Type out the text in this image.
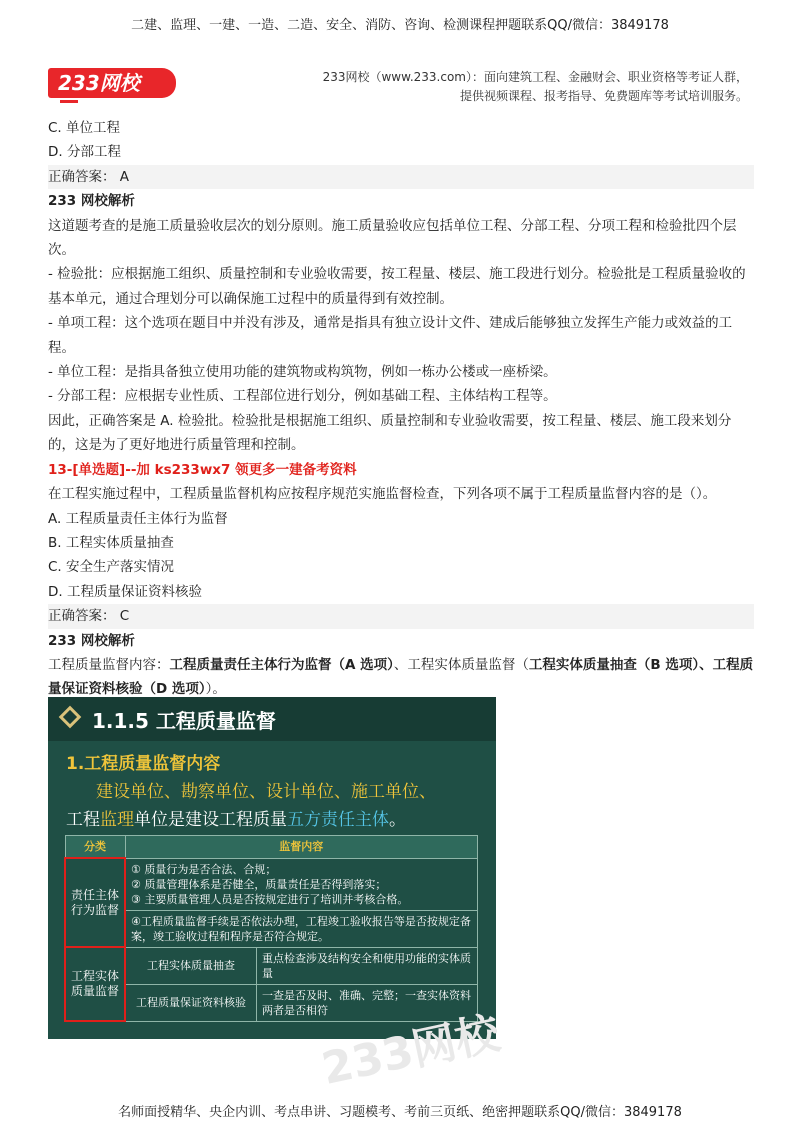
二建、监理、一建、一造、二造、安全、消防、咨询、检测课程押题联系QQ/微信：3849178
233网校	233网校（www.233.com）：面向建筑工程、金融财会、职业资格等考证人群，
提供视频课程、报考指导、免费题库等考试培训服务。

C. 单位工程

D. 分部工程

正确答案： A

233 网校解析

这道题考查的是施工质量验收层次的划分原则。施工质量验收应包括单位工程、分部工程、分项工程和检验批四个层次。

- 检验批：应根据施工组织、质量控制和专业验收需要，按工程量、楼层、施工段进行划分。检验批是工程质量验收的基本单元，通过合理划分可以确保施工过程中的质量得到有效控制。

- 单项工程：这个选项在题目中并没有涉及，通常是指具有独立设计文件、建成后能够独立发挥生产能力或效益的工程。

- 单位工程：是指具备独立使用功能的建筑物或构筑物，例如一栋办公楼或一座桥梁。

- 分部工程：应根据专业性质、工程部位进行划分，例如基础工程、主体结构工程等。

因此，正确答案是 A. 检验批。检验批是根据施工组织、质量控制和专业验收需要，按工程量、楼层、施工段来划分的，这是为了更好地进行质量管理和控制。

13-[单选题]--加 ks233wx7 领更多一建备考资料

在工程实施过程中，工程质量监督机构应按程序规范实施监督检查，下列各项不属于工程质量监督内容的是（）。

A. 工程质量责任主体行为监督

B. 工程实体质量抽查

C. 安全生产落实情况

D. 工程质量保证资料核验

正确答案： C

233 网校解析

工程质量监督内容：工程质量责任主体行为监督（A 选项）、工程实体质量监督（工程实体质量抽查（B 选项）、工程质量保证资料核验（D 选项））。

1.1.5 工程质量监督
1.工程质量监督内容
建设单位、勘察单位、设计单位、施工单位、
工程监理单位是建设工程质量五方责任主体。
分类	监督内容	
责任主体行为监督	① 质量行为是否合法、合规；
② 质量管理体系是否健全，质量责任是否得到落实；
③ 主要质量管理人员是否按规定进行了培训并考核合格。	

	④工程质量监督手续是否依法办理，工程竣工验收报告等是否按规定备案，竣工验收过程和程序是否符合规定。	
工程实体质量监督	工程实体质量抽查	重点检查涉及结构安全和使用功能的实体质量
	工程质量保证资料核验	一查是否及时、准确、完整；一查实体资料两者是否相符
233网校
名师面授精华、央企内训、考点串讲、习题模考、考前三页纸、绝密押题联系QQ/微信：3849178
